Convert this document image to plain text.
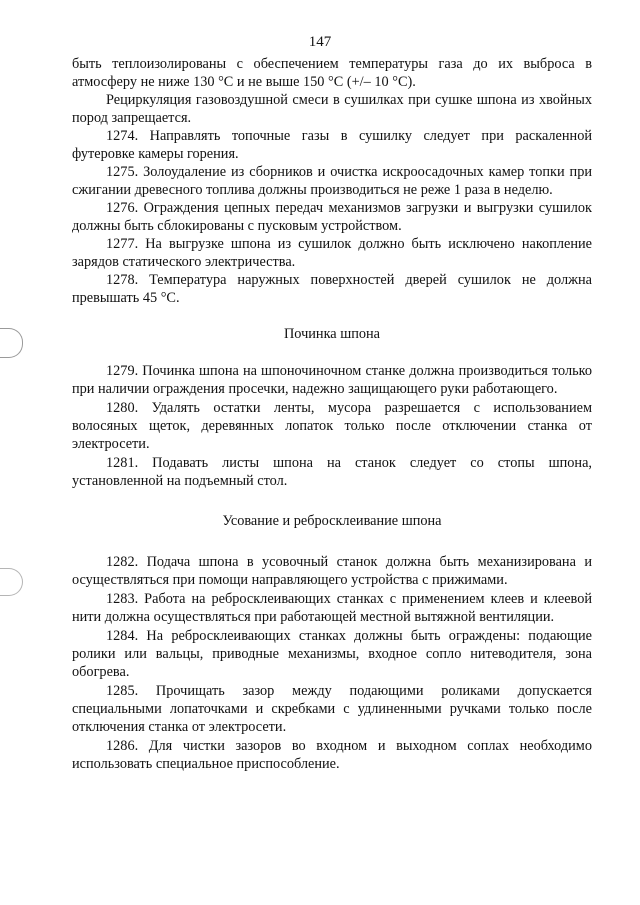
147

быть теплоизолированы с обеспечением температуры газа до их выброса в атмосферу не ниже 130 °С и не выше 150 °С (+/– 10 °С).

Рециркуляция газовоздушной смеси в сушилках при сушке шпона из хвойных пород запрещается.

1274. Направлять топочные газы в сушилку следует при раскаленной футеровке камеры горения.

1275. Золоудаление из сборников и очистка искроосадочных камер топки при сжигании древесного топлива должны производиться не реже 1 раза в неделю.

1276. Ограждения цепных передач механизмов загрузки и выгрузки сушилок должны быть сблокированы с пусковым устройством.

1277. На выгрузке шпона из сушилок должно быть исключено накопление зарядов статического электричества.

1278. Температура наружных поверхностей дверей сушилок не должна превышать 45 °С.

Починка шпона

1279. Починка шпона на шпоночиночном станке должна производиться только при наличии ограждения просечки, надежно защищающего руки работающего.

1280. Удалять остатки ленты, мусора разрешается с использованием волосяных щеток, деревянных лопаток только после отключении станка от электросети.

1281. Подавать листы шпона на станок следует со стопы шпона, установленной на подъемный стол.

Усование и ребросклеивание шпона

1282. Подача шпона в усовочный станок должна быть механизирована и осуществляться при помощи направляющего устройства с прижимами.

1283. Работа на ребросклеивающих станках с применением клеев и клеевой нити должна осуществляться при работающей местной вытяжной вентиляции.

1284. На ребросклеивающих станках должны быть ограждены: подающие ролики или вальцы, приводные механизмы, входное сопло нитеводителя, зона обогрева.

1285. Прочищать зазор между подающими роликами допускается специальными лопаточками и скребками с удлиненными ручками только после отключения станка от электросети.

1286. Для чистки зазоров во входном и выходном соплах необходимо использовать специальное приспособление.
